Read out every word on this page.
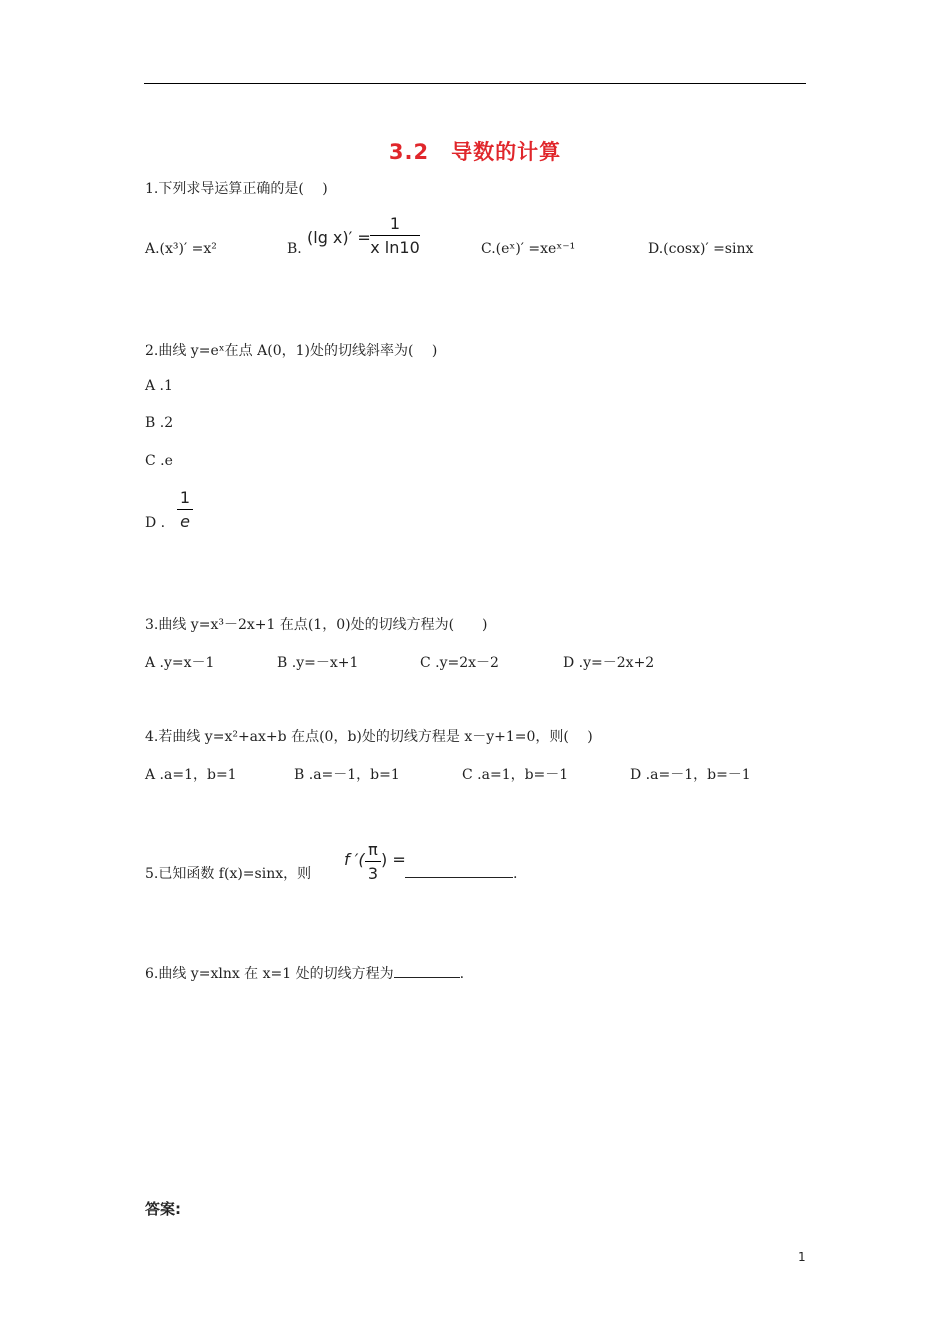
3.2　导数的计算
1.下列求导运算正确的是(　 )
A.(x³)′ =x²	B.
(lg x)′ =
1
x ln10	C.(eˣ)′ =xeˣ⁻¹	D.(cosx)′ =sinx
2.曲线 y=eˣ在点 A(0，1)处的切线斜率为(　 )
A .1
B .2
C .e
D .
1
e
3.曲线 y=x³－2x+1 在点(1，0)处的切线方程为(　　)
A .y=x－1	B .y=－x+1	C .y=2x－2	D .y=－2x+2
4.若曲线 y=x²+ax+b 在点(0，b)处的切线方程是 x－y+1=0，则(　 )
A .a=1，b=1	B .a=－1，b=1	C .a=1，b=－1	D .a=－1，b=－1
5.已知函数 f(x)=sinx，则
f ′(
π
3
) =
.
6.曲线 y=xlnx 在 x=1 处的切线方程为	.
答案:
1
